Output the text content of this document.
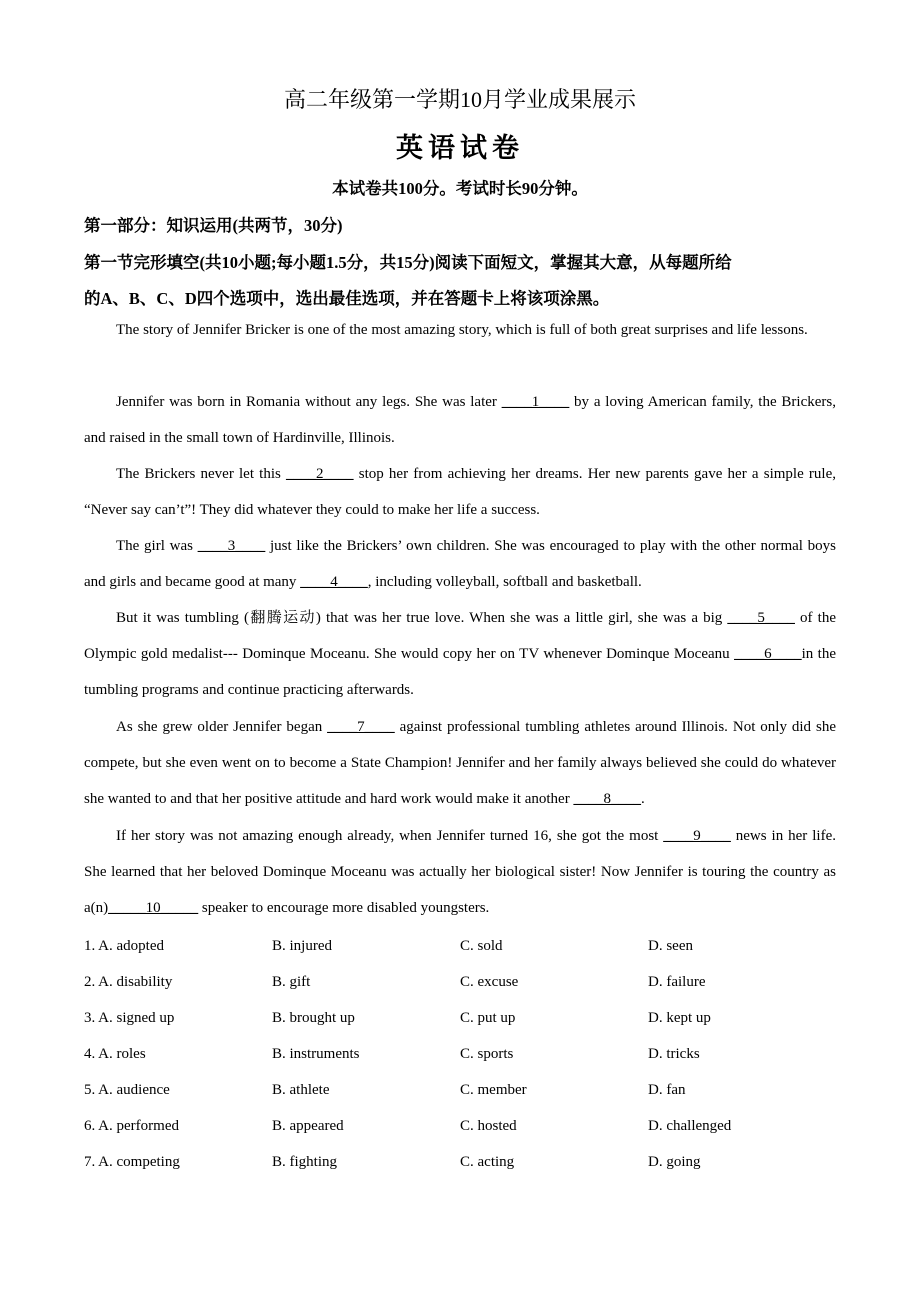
高二年级第一学期10月学业成果展示
英语试卷
本试卷共100分。考试时长90分钟。
第一部分：知识运用(共两节，30分)
第一节完形填空(共10小题;每小题1.5分，共15分)阅读下面短文，掌握其大意，从每题所给
的A、B、C、D四个选项中，选出最佳选项，并在答题卡上将该项涂黑。
The story of Jennifer Bricker is one of the most amazing story, which is full of both great surprises and life lessons.
Jennifer was born in Romania without any legs. She was later ____1____ by a loving American family, the Brickers, and raised in the small town of Hardinville, Illinois.
The Brickers never let this ____2____ stop her from achieving her dreams. Her new parents gave her a simple rule, “Never say can’t”! They did whatever they could to make her life a success.
The girl was ____3____ just like the Brickers’ own children. She was encouraged to play with the other normal boys and girls and became good at many ____4____, including volleyball, softball and basketball.
But it was tumbling (翻腾运动) that was her true love. When she was a little girl, she was a big ____5____ of the Olympic gold medalist--- Dominque Moceanu. She would copy her on TV whenever Dominque Moceanu ____6____in the tumbling programs and continue practicing afterwards.
As she grew older Jennifer began ____7____ against professional tumbling athletes around Illinois. Not only did she compete, but she even went on to become a State Champion! Jennifer and her family always believed she could do whatever she wanted to and that her positive attitude and hard work would make it another ____8____.
If her story was not amazing enough already, when Jennifer turned 16, she got the most ____9____ news in her life. She learned that her beloved Dominque Moceanu was actually her biological sister! Now Jennifer is touring the country as a(n)_____10_____ speaker to encourage more disabled youngsters.
1. A. adopted	B. injured	C. sold	D. seen
2. A. disability	B. gift	C. excuse	D. failure
3. A. signed up	B. brought up	C. put up	D. kept up
4. A. roles	B. instruments	C. sports	D. tricks
5. A. audience	B. athlete	C. member	D. fan
6. A. performed	B. appeared	C. hosted	D. challenged
7. A. competing	B. fighting	C. acting	D. going
